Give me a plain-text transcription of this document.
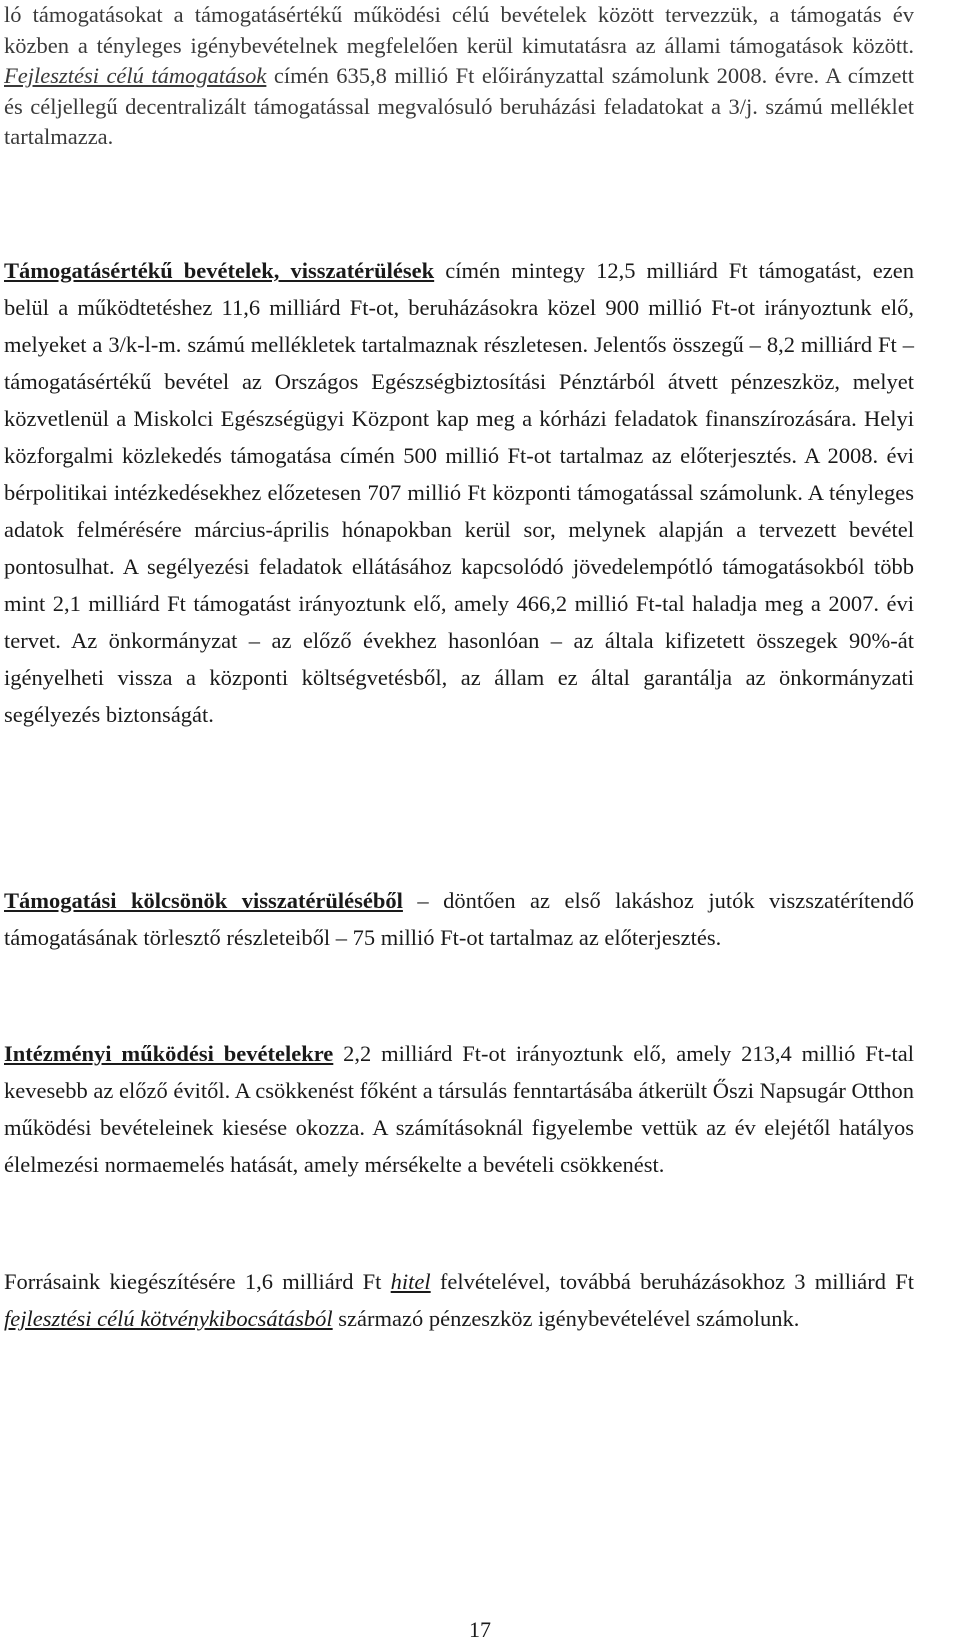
ló támogatásokat a támogatásértékű működési célú bevételek között tervezzük, a támogatás év közben a tényleges igénybevételnek megfelelően kerül kimutatásra az állami támogatások között. Fejlesztési célú támogatások címén 635,8 millió Ft előirányzattal számolunk 2008. évre. A címzett és céljellegű decentralizált támogatással megvalósuló beruházási feladatokat a 3/j. számú melléklet tartalmazza.

Támogatásértékű bevételek, visszatérülések címén mintegy 12,5 milliárd Ft támogatást, ezen belül a működtetéshez 11,6 milliárd Ft-ot, beruházásokra közel 900 millió Ft-ot irányoztunk elő, melyeket a 3/k-l-m. számú mellékletek tartalmaznak részletesen. Jelentős összegű – 8,2 milliárd Ft – támogatásértékű bevétel az Országos Egészségbiztosítási Pénztárból átvett pénzeszköz, melyet közvetlenül a Miskolci Egészségügyi Központ kap meg a kórházi feladatok finanszírozására. Helyi közforgalmi közlekedés támogatása címén 500 millió Ft-ot tartalmaz az előterjesztés. A 2008. évi bérpolitikai intézkedésekhez előzetesen 707 millió Ft központi támogatással számolunk. A tényleges adatok felmérésére március-április hónapokban kerül sor, melynek alapján a tervezett bevétel pontosulhat. A segélyezési feladatok ellátásához kapcsolódó jövedelempótló támogatásokból több mint 2,1 milliárd Ft támogatást irányoztunk elő, amely 466,2 millió Ft-tal haladja meg a 2007. évi tervet. Az önkormányzat – az előző évekhez hasonlóan – az általa kifizetett összegek 90%-át igényelheti vissza a központi költségvetésből, az állam ez által garantálja az önkormányzati segélyezés biztonságát.

Támogatási kölcsönök visszatérüléséből – döntően az első lakáshoz jutók viszszatérítendő támogatásának törlesztő részleteiből – 75 millió Ft-ot tartalmaz az előterjesztés.

Intézményi működési bevételekre 2,2 milliárd Ft-ot irányoztunk elő, amely 213,4 millió Ft-tal kevesebb az előző évitől. A csökkenést főként a társulás fenntartásába átkerült Őszi Napsugár Otthon működési bevételeinek kiesése okozza. A számításoknál figyelembe vettük az év elejétől hatályos élelmezési normaemelés hatását, amely mérsékelte a bevételi csökkenést.

Forrásaink kiegészítésére 1,6 milliárd Ft hitel felvételével, továbbá beruházásokhoz 3 milliárd Ft fejlesztési célú kötvénykibocsátásból származó pénzeszköz igénybevételével számolunk.

17
